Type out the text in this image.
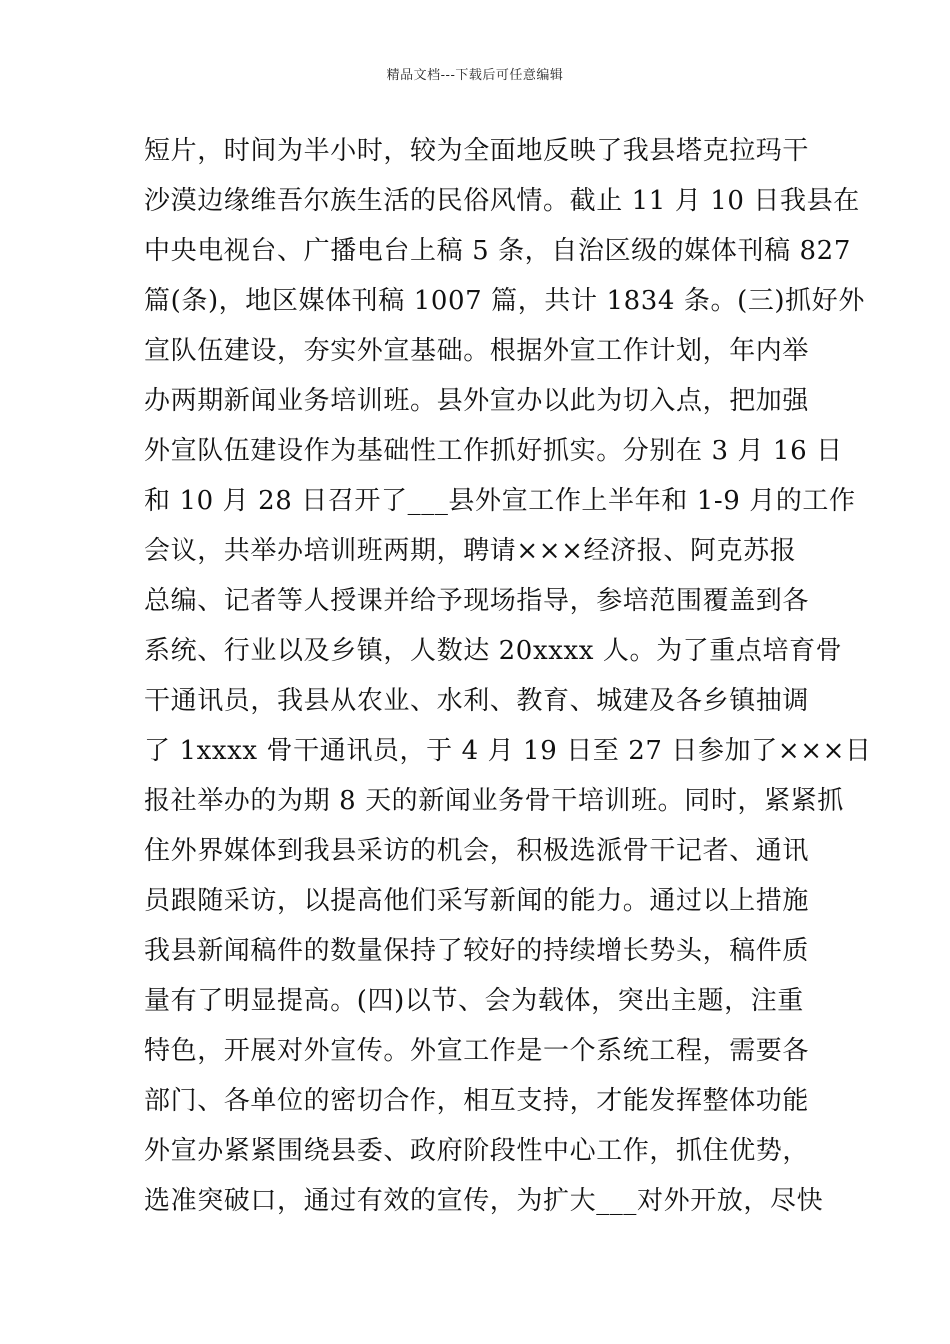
精品文档---下载后可任意编辑
短片，时间为半小时，较为全面地反映了我县塔克拉玛干
沙漠边缘维吾尔族生活的民俗风情。截止 11 月 10 日我县在
中央电视台、广播电台上稿 5 条，自治区级的媒体刊稿 827
篇(条)，地区媒体刊稿 1007 篇，共计 1834 条。(三)抓好外
宣队伍建设，夯实外宣基础。根据外宣工作计划，年内举
办两期新闻业务培训班。县外宣办以此为切入点，把加强
外宣队伍建设作为基础性工作抓好抓实。分别在 3 月 16 日
和 10 月 28 日召开了___县外宣工作上半年和 1-9 月的工作
会议，共举办培训班两期，聘请×××经济报、阿克苏报
总编、记者等人授课并给予现场指导，参培范围覆盖到各
系统、行业以及乡镇，人数达 20xxxx 人。为了重点培育骨
干通讯员，我县从农业、水利、教育、城建及各乡镇抽调
了 1xxxx 骨干通讯员，于 4 月 19 日至 27 日参加了×××日
报社举办的为期 8 天的新闻业务骨干培训班。同时，紧紧抓
住外界媒体到我县采访的机会，积极选派骨干记者、通讯
员跟随采访，以提高他们采写新闻的能力。通过以上措施
我县新闻稿件的数量保持了较好的持续增长势头，稿件质
量有了明显提高。(四)以节、会为载体，突出主题，注重
特色，开展对外宣传。外宣工作是一个系统工程，需要各
部门、各单位的密切合作，相互支持，才能发挥整体功能
外宣办紧紧围绕县委、政府阶段性中心工作，抓住优势，
选准突破口，通过有效的宣传，为扩大___对外开放，尽快
